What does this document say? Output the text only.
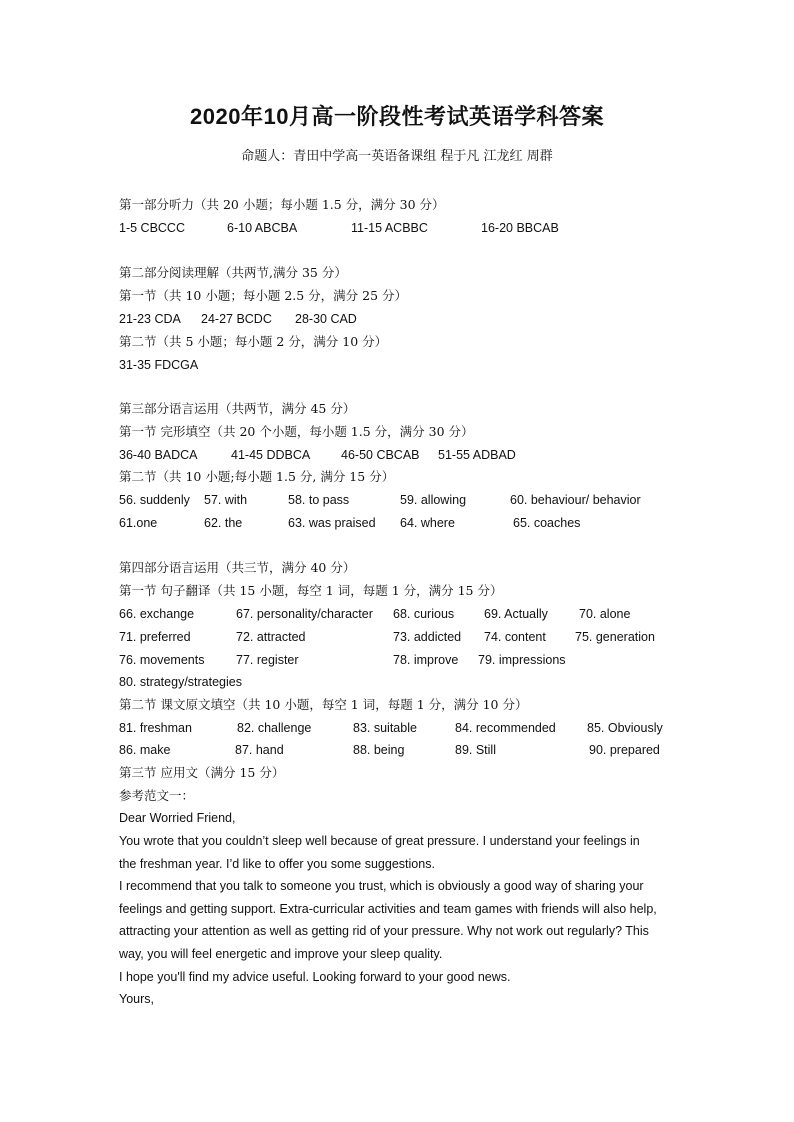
2020年10月高一阶段性考试英语学科答案
命题人：青田中学高一英语备课组 程于凡 江龙红 周群
第一部分听力（共 20 小题；每小题 1.5 分，满分 30 分）
1-5 CBCCC	6-10 ABCBA	11-15 ACBBC	16-20 BBCAB
第二部分阅读理解（共两节,满分 35 分）
第一节（共 10 小题；每小题 2.5 分，满分 25 分）
21-23 CDA 24-27 BCDC 28-30 CAD
第二节（共 5 小题；每小题 2 分，满分 10 分）
31-35 FDCGA
第三部分语言运用（共两节，满分 45 分）
第一节 完形填空（共 20 个小题，每小题 1.5 分，满分 30 分）
36-40 BADCA	41-45 DDBCA 46-50 CBCAB 51-55 ADBAD
第二节（共 10 小题;每小题 1.5 分, 满分 15 分）
56. suddenly 57. with	58. to pass	59. allowing	60. behaviour/ behavior
61.one	62. the	63. was praised 64. where	65. coaches
第四部分语言运用（共三节，满分 40 分）
第一节 句子翻译（共 15 小题，每空 1 词，每题 1 分，满分 15 分）
66. exchange	67. personality/character 68. curious 69. Actually 70. alone
71. preferred	72. attracted	73. addicted 74. content 75. generation
76. movements	77. register	78. improve 79. impressions
80. strategy/strategies
第二节 课文原文填空（共 10 小题，每空 1 词，每题 1 分，满分 10 分）
81. freshman	82. challenge	83. suitable	84. recommended 85. Obviously
86. make	87. hand	88. being	89. Still	90. prepared
第三节 应用文（满分 15 分）
参考范文一：
Dear Worried Friend,
You wrote that you couldn’t sleep well because of great pressure. I understand your feelings in
the freshman year. I’d like to offer you some suggestions.
I recommend that you talk to someone you trust, which is obviously a good way of sharing your
feelings and getting support. Extra-curricular activities and team games with friends will also help,
attracting your attention as well as getting rid of your pressure. Why not work out regularly? This
way, you will feel energetic and improve your sleep quality.
I hope you'll find my advice useful. Looking forward to your good news.
Yours,
